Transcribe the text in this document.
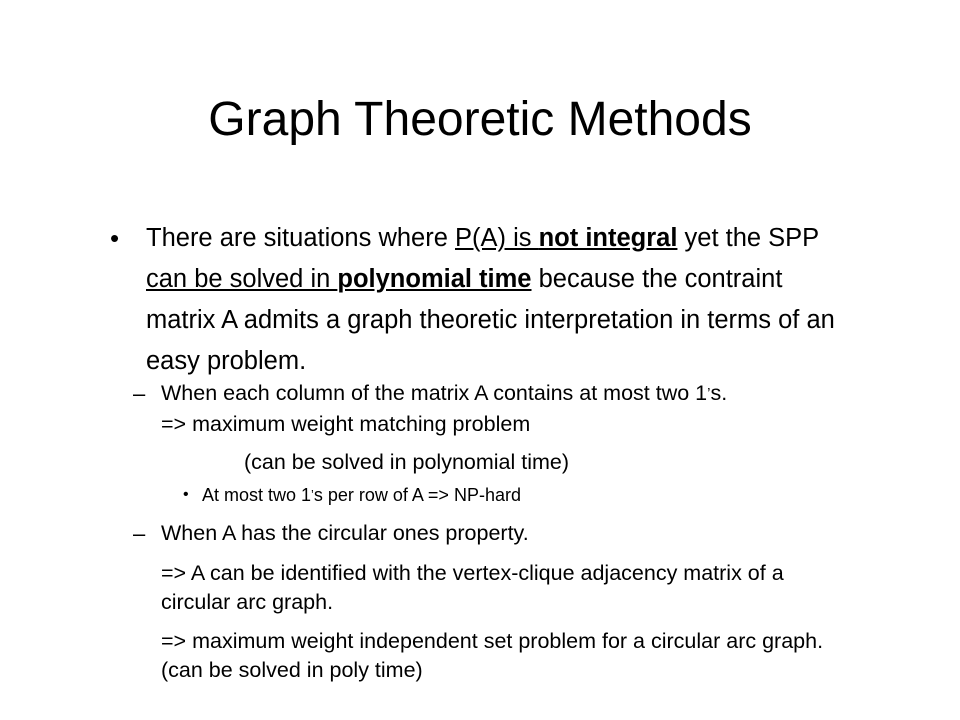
Graph Theoretic Methods
• There are situations where P(A) is not integral yet the SPP can be solved in polynomial time because the contraint matrix A admits a graph theoretic interpretation in terms of an easy problem.

– When each column of the matrix A contains at most two 1’s.
=> maximum weight matching problem

(can be solved in polynomial time)

• At most two 1’s per row of A => NP-hard

– When A has the circular ones property.

=> A can be identified with the vertex-clique adjacency matrix of a circular arc graph.

=> maximum weight independent set problem for a circular arc graph. (can be solved in poly time)
